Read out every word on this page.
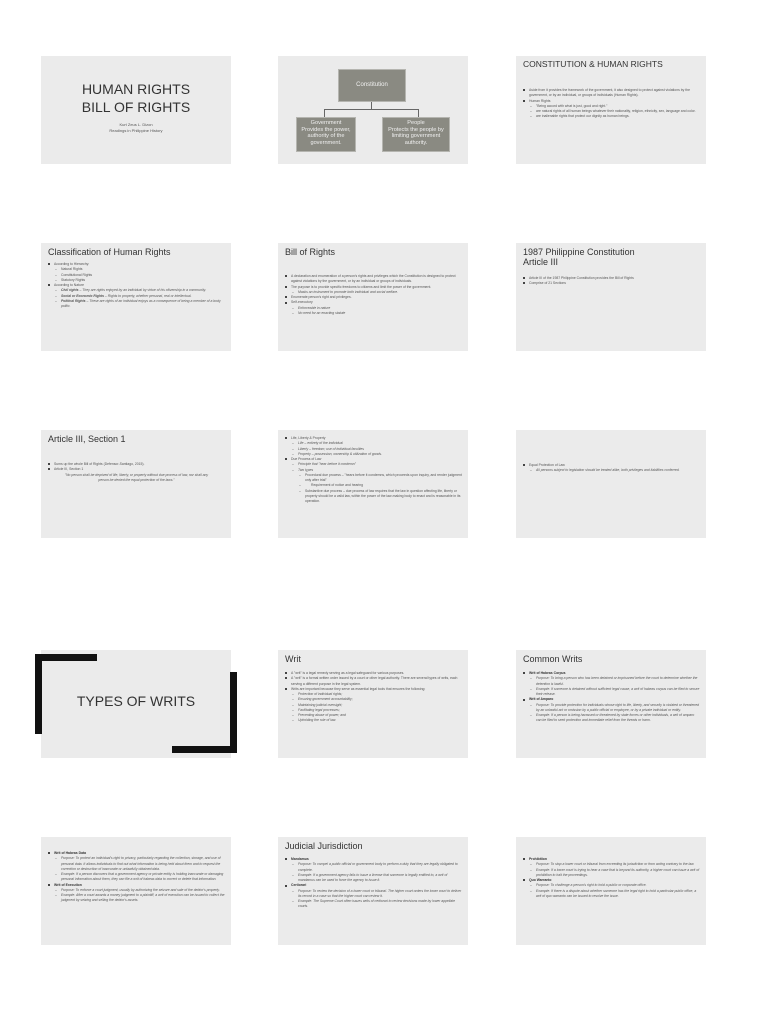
HUMAN RIGHTS
BILL OF RIGHTS
Kurt Zeus L. Dizon
Readings in Philippine History
Constitution
Government
Provides the power, authority of the government.
People
Protects the people by limiting government authority.
CONSTITUTION & HUMAN RIGHTS
Aside from it provides the framework of the government, it also designed to protect against violations by the government, or by an individual, or groups of individuals (Human Rights).
Human Rights
– "Being accord with what is just, good and right."
– are natural rights of all human beings whatever their nationality, religion, ethnicity, sex, language and color.
– are inalienable rights that protect our dignity as human beings.
Classification of Human Rights
According to Hierarchy:
– Natural Rights
– Constitutional Rights
– Statutory Rights
According to Nature
– Civil rights – They are rights enjoyed by an individual by virtue of his citizenship in a community.
– Social or Economic Rights – Rights to property, whether personal, real or intellectual.
– Political Rights – These are rights of an individual enjoys as a consequence of being a member of a body politic.
Bill of Rights
A declaration and enumeration of a person's rights and privileges which the Constitution is designed to protect against violations by the government, or by an individual or groups of individuals.
The purpose is to provide specific freedoms to citizens and limit the power of the government.
– Masks an instrument to promote both individual and social welfare.
Enumerate person's right and privileges.
Self-executory
– Enforceable in nature
– No need for an enacting statute
1987 Philippine Constitution
Article III
Article III of the 1987 Philippine Constitution provides the Bill of Rights
Comprise of 21 Sections
Article III, Section 1
Sums up the whole Bill of Rights (Defensor-Santiago, 2015).
Article III, Section 1
"No person shall be deprived of life, liberty, or property without due process of law, nor shall any person be denied the equal protection of the laws."
Life, Liberty & Property
– Life – entirety of the individual
– Liberty – freedom; use of individual faculties
– Property – possession, ownership & utilization of goods.
Due Process of Law
– Principle that "hear before it condemn"
– Two types
– Procedural due process – "hears before it condemns, which proceeds upon inquiry, and render judgment only after trial"
– Requirement of notice and hearing
– Substantive due process – due process of law requires that the law in question affecting life, liberty or property should be a valid law, within the power of the law-making body to enact and is reasonable in its operation.
Equal Protection of Law
– All persons subject to legislation should be treated alike, both privileges and liabilities conferred.
TYPES OF WRITS
Writ
A "writ" is a legal remedy serving as a legal safeguard for various purposes.
A "writ" is a formal written order issued by a court or other legal authority. There are several types of writs, each serving a different purpose in the legal system.
Writs are important because they serve as essential legal tools that ensures the following:
– Protection of individual rights;
– Ensuring government accountability;
– Maintaining judicial oversight;
– Facilitating legal processes;
– Preventing abuse of power; and
– Upholding the rule of law.
Common Writs
Writ of Habeas Corpus
– Purpose: To bring a person who has been detained or imprisoned before the court to determine whether the detention is lawful.
– Example: If someone is detained without sufficient legal cause, a writ of habeas corpus can be filed to secure their release.
Writ of Amparo
– Purpose: To provide protection for individuals whose right to life, liberty, and security is violated or threatened by an unlawful act or omission by a public official or employee, or by a private individual or entity.
– Example: If a person is being harassed or threatened by state forces or other individuals, a writ of amparo can be filed to seek protection and immediate relief from the threats or harm.
Writ of Habeas Data
– Purpose: To protect an individual's right to privacy, particularly regarding the collection, storage, and use of personal data. It allows individuals to find out what information is being held about them and to request the correction or destruction of inaccurate or unlawfully obtained data.
– Example: If a person discovers that a government agency or private entity is holding inaccurate or damaging personal information about them, they can file a writ of habeas data to correct or delete that information.
Writ of Execution
– Purpose: To enforce a court judgment, usually by authorizing the seizure and sale of the debtor's property.
– Example: After a court awards a money judgment to a plaintiff, a writ of execution can be issued to collect the judgment by seizing and selling the debtor's assets.
Judicial Jurisdiction
Mandamus
– Purpose: To compel a public official or government body to perform a duty that they are legally obligated to complete.
– Example: If a government agency fails to issue a license that someone is legally entitled to, a writ of mandamus can be used to force the agency to issue it.
Certiorari
– Purpose: To review the decision of a lower court or tribunal. The higher court orders the lower court to deliver its record in a case so that the higher court can review it.
– Example: The Supreme Court often issues writs of certiorari to review decisions made by lower appellate courts.
Prohibition
– Purpose: To stop a lower court or tribunal from exceeding its jurisdiction or from acting contrary to the law.
– Example: If a lower court is trying to hear a case that is beyond its authority, a higher court can issue a writ of prohibition to halt the proceedings.
Quo Warranto
– Purpose: To challenge a person's right to hold a public or corporate office.
– Example: If there is a dispute about whether someone has the legal right to hold a particular public office, a writ of quo warranto can be issued to resolve the issue.
